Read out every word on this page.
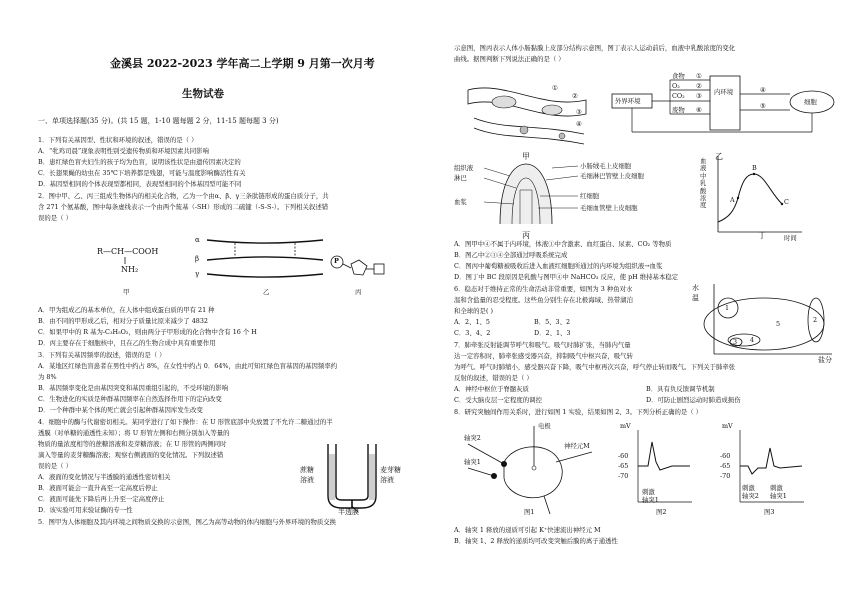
金溪县 2022-2023 学年高二上学期 9 月第一次月考
生物试卷
一、单项选择题(35 分)。(共 15 题，1-10 题每题 2 分，11-15 题每题 3 分)
1．下列有关基因型、性状和环境的叙述，错误的是（ ）
A．“牝鸡司晨”现象表明性别受遗传物质和环境因素共同影响
B．患红绿色盲夫妇生的孩子均为色盲，说明该性状是由遗传因素决定的
C．长翅果蝇的幼虫在 35℃下培养都是残翅，可能与温度影响酶活性有关
D．基因型相同的个体表现型都相同，表现型相同的个体基因型可能不同
2．图中甲、乙、丙三组成生物体内的相关化合物，乙为一个由α、β、γ三条肽链形成的蛋白质分子，共
含 271 个氨基酸，图中每条虚线表示一个由两个巯基（-SH）形成的二硫键（-S-S-）。下列相关叙述错
误的是（ ）
R—CH—COOH
NH₂
α
β
γ
P
甲	乙	丙
A．甲为组成乙的基本单位，在人体中组成蛋白质的甲有 21 种
B．由不同的甲形成乙后，相对分子质量比原来减少了 4832
C．如果甲中的 R 基为-C₃H₅O₂，则由两分子甲形成的化合物中含有 16 个 H
D．丙主要存在于细胞核中，且在乙的生物合成中具有重要作用
3．下列有关基因频率的叙述，错误的是（ ）
A．某地区红绿色盲患者在男性中约占 8%，在女性中约占 0．64%，由此可知红绿色盲基因的基因频率约
为 8%
B．基因频率变化是由基因突变和基因重组引起的，不受环境的影响
C．生物进化的实质是种群基因频率在自然选择作用下的定向改变
D．一个种群中某个体的死亡就会引起种群基因库发生改变
4．细胞中的酶与代谢密切相关。某同学进行了如下操作：在 U 形管底部中央放置了不允许二糖通过的半
透膜（对单糖的通透性未知）；将 U 形管左侧和右侧分别加入等量的
物质的量浓度相等的蔗糖溶液和麦芽糖溶液；在 U 形管的两侧同时
滴入等量的麦芽糖酶溶液；观察右侧液面的变化情况。下列叙述错
误的是（ ）
A．液面的变化情况与半透膜的通透性密切相关
B．液面可能会一直升高至一定高度后停止
C．液面可能先下降后再上升至一定高度停止
D．该实验可用来验证酶的专一性
蔗糖
溶液
麦芽糖
溶液
半透膜
5．图甲为人体细胞及其内环境之间物质交换的示意图，图乙为高等动物的体内细胞与外界环境的物质交换
示意图，图丙表示人体小肠黏膜上皮部分结构示意图，图丁表示人运动前后，血液中乳酸浓度的变化
曲线。据图判断下列说法正确的是（ ）
①
②
③
④
甲
外界环境
食物
O₂
CO₂
废物
①
②
③
⑥
内环境	④
⑤	细胞
乙
组织液
淋巴
血浆
小肠绒毛上皮细胞
毛细淋巴管壁上皮细胞
红细胞
毛细血管壁上皮细胞
丙
血液中乳酸浓度
A
B
C
时间
丁
A．图甲中④不属于内环境，体液①中含激素、血红蛋白、尿素、CO₂ 等物质
B．图乙中②③④全部通过呼吸系统完成
C．图丙中葡萄糖被吸收后进入血液红细胞所通过的内环境为组织液→血浆
D．图丁中 BC 段原因是乳酸与图甲④中 NaHCO₃ 反应，使 pH 维持基本稳定
6．稳态对于维持正常的生命活动非常重要，如图为 3 种鱼对水
温和含盐量的忍受程度。这些鱼分别生存在北极海域、热带湖泊
和全球的是( )
A．2、1、5	B．5、3、2
C．3、4、2	D．2、1、3
水
温
1
2
3 4
5
盐分
7．肺牵张反射能调节呼气和吸气。吸气时肺扩张，当肺内气量
达一定容积时，肺牵张感受器兴奋，抑制吸气中枢兴奋，吸气转
为呼气。呼气时肺缩小，感受器兴奋下降，吸气中枢再次兴奋，呼气停止转而吸气。下列关于肺牵张
反射的叙述，错误的是（ ）
A．神经中枢位于脊髓灰质	B．具有负反馈调节机制
C．受大脑皮层一定程度的调控	D．可防止剧烈运动时肺造成损伤
8．研究突触间作用关系时，进行如图 1 实验，结果如图 2、3。下列分析正确的是（ ）
轴突2
轴突1
神经元M
电极
图1
mV
-60
-65
-70
刺激
轴突1
图2
mV
-60
-65
-70
刺激
轴突2
刺激
轴突1
图3
A．轴突 1 释放的递质可引起 K⁺快速流出神经元 M
B．轴突 1、2 释放的递质均可改变突触后膜的离子通透性
